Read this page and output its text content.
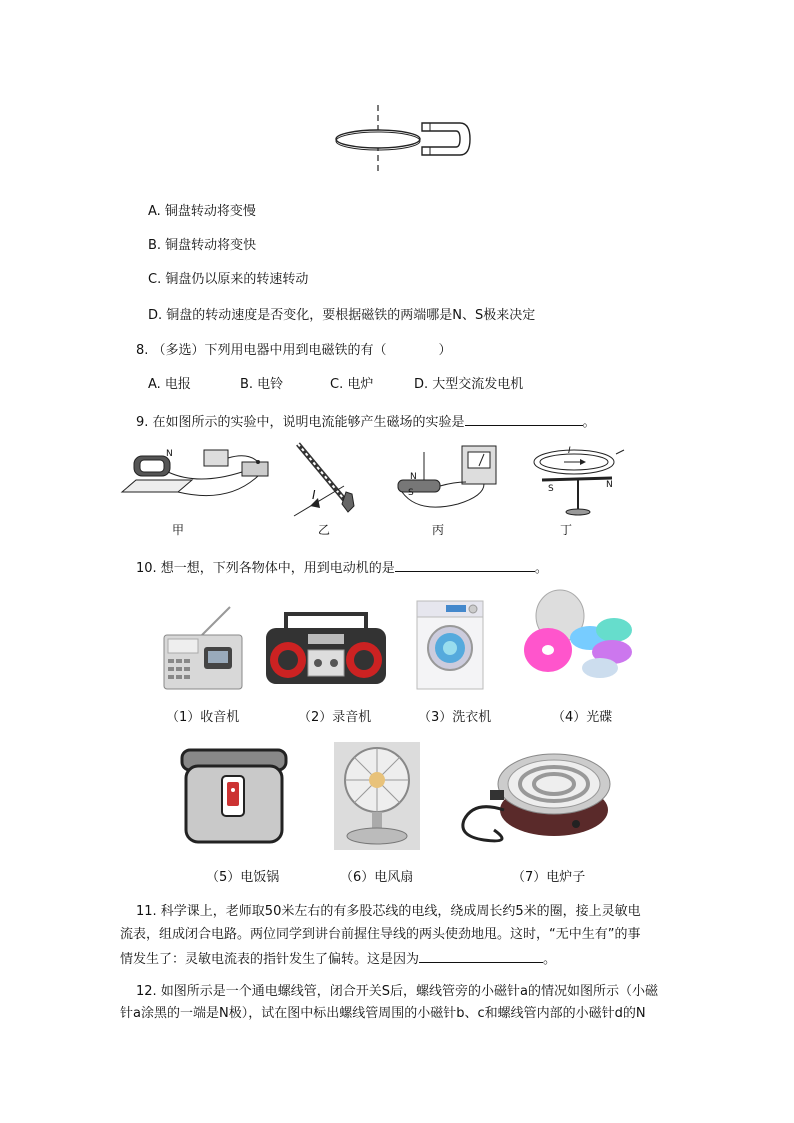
A. 铜盘转动将变慢
B. 铜盘转动将变快
C. 铜盘仍以原来的转速转动
D. 铜盘的转动速度是否变化，要根据磁铁的两端哪是N、S极来决定
8. （多选）下列用电器中用到电磁铁的有（　　　　）
A. 电报	B. 电铃	C. 电炉	D. 大型交流发电机
9. 在如图所示的实验中，说明电流能够产生磁场的实验是	。
N
甲
I
乙
N
S
丙
I
S	N
丁
10. 想一想，下列各物体中，用到电动机的是	。
（1）收音机	（2）录音机	（3）洗衣机	（4）光碟
（5）电饭锅	（6）电风扇	（7）电炉子
11. 科学课上，老师取50米左右的有多股芯线的电线，绕成周长约5米的圈，接上灵敏电
流表，组成闭合电路。两位同学到讲台前握住导线的两头使劲地甩。这时，“无中生有”的事
情发生了：灵敏电流表的指针发生了偏转。这是因为	。
12. 如图所示是一个通电螺线管，闭合开关S后，螺线管旁的小磁针a的情况如图所示（小磁
针a涂黑的一端是N极），试在图中标出螺线管周围的小磁针b、c和螺线管内部的小磁针d的N
